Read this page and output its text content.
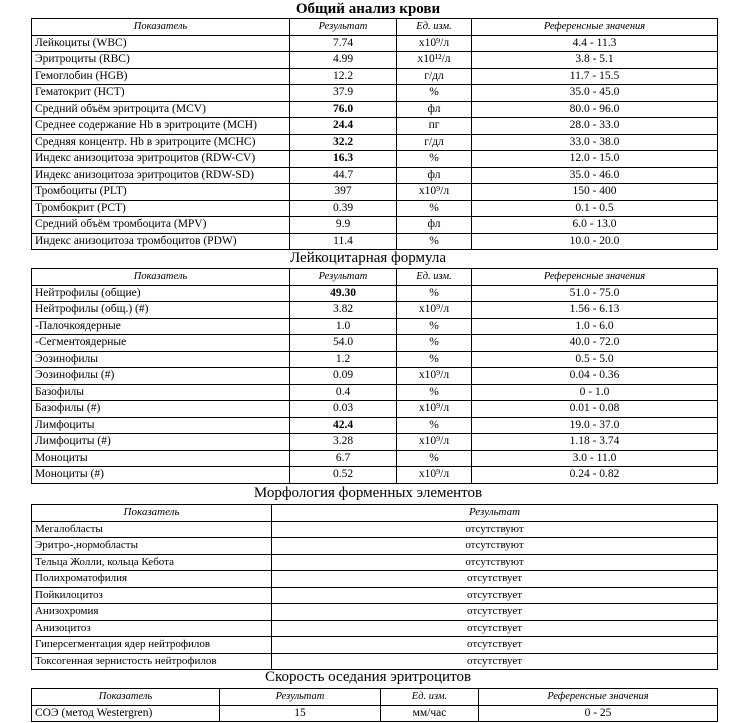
Общий анализ крови
Показатель	Результат	Ед. изм.	Референсные значения
Лейкоциты (WBC)	7.74	x10⁹/л	4.4 - 11.3
Эритроциты (RBC)	4.99	x10¹²/л	3.8 - 5.1
Гемоглобин (HGB)	12.2	г/дл	11.7 - 15.5
Гематокрит (HCT)	37.9	%	35.0 - 45.0
Средний объём эритроцита (MCV)	76.0	фл	80.0 - 96.0
Среднее содержание Hb в эритроците (MCH)	24.4	пг	28.0 - 33.0
Средняя концентр. Hb в эритроците (MCHC)	32.2	г/дл	33.0 - 38.0
Индекс анизоцитоза эритроцитов (RDW-CV)	16.3	%	12.0 - 15.0
Индекс анизоцитоза эритроцитов (RDW-SD)	44.7	фл	35.0 - 46.0
Тромбоциты (PLT)	397	x10⁹/л	150 - 400
Тромбокрит (PCT)	0.39	%	0.1 - 0.5
Средний объём тромбоцита (MPV)	9.9	фл	6.0 - 13.0
Индекс анизоцитоза тромбоцитов (PDW)	11.4	%	10.0 - 20.0
Лейкоцитарная формула
Показатель	Результат	Ед. изм.	Референсные значения
Нейтрофилы (общие)	49.30	%	51.0 - 75.0
Нейтрофилы (общ.) (#)	3.82	x10⁹/л	1.56 - 6.13
-Палочкоядерные	1.0	%	1.0 - 6.0
-Сегментоядерные	54.0	%	40.0 - 72.0
Эозинофилы	1.2	%	0.5 - 5.0
Эозинофилы (#)	0.09	x10⁹/л	0.04 - 0.36
Базофилы	0.4	%	0 - 1.0
Базофилы (#)	0.03	x10⁹/л	0.01 - 0.08
Лимфоциты	42.4	%	19.0 - 37.0
Лимфоциты (#)	3.28	x10⁹/л	1.18 - 3.74
Моноциты	6.7	%	3.0 - 11.0
Моноциты (#)	0.52	x10⁹/л	0.24 - 0.82
Морфология форменных элементов
Показатель	Результат
Мегалобласты	отсутствуют
Эритро-,нормобласты	отсутствуют
Тельца Жолли, кольца Кебота	отсутствуют
Полихроматофилия	отсутствует
Пойкилоцитоз	отсутствует
Анизохромия	отсутствует
Анизоцитоз	отсутствует
Гиперсегментация ядер нейтрофилов	отсутствует
Токсогенная зернистость нейтрофилов	отсутствует
Скорость оседания эритроцитов
Показатель	Результат	Ед. изм.	Референсные значения
СОЭ (метод Westergren)	15	мм/час	0 - 25
